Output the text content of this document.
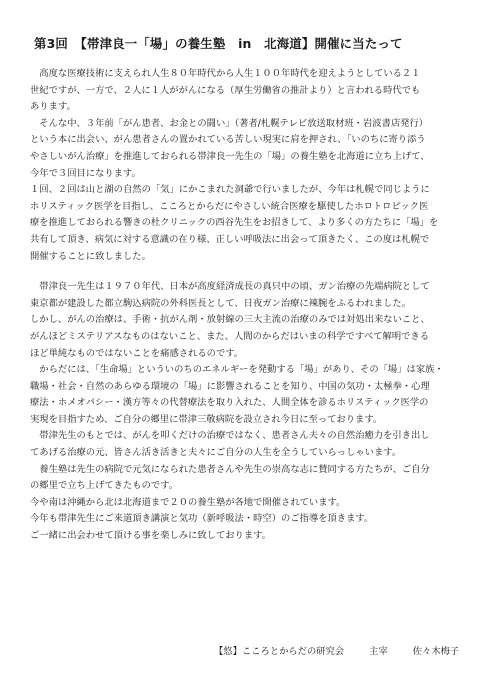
第3回　【帯津良一「場」の養生塾　in　北海道】開催に当たって
　高度な医療技術に支えられ人生８０年時代から人生１００年時代を迎えようとしている２１
世紀ですが、一方で、２人に１人ががんになる（厚生労働省の推計より）と言われる時代でも
あります。
　そんな中、３年前「がん患者、お金との闘い」（著者/札幌テレビ放送取材班・岩波書店発行）
という本に出会い、がん患者さんの置かれている苦しい現実に肩を押され、「いのちに寄り添う
やさしいがん治療」を推進しておられる帯津良一先生の「場」の養生塾を北海道に立ち上げて、
今年で３回目になります。
１回、２回は山と湖の自然の「気」にかこまれた洞爺で行いましたが、今年は札幌で同じように
ホリスティック医学を目指し、こころとからだにやさしい統合医療を駆使したホロトロピック医
療を推進しておられる響きの杜クリニックの西谷先生をお招きして、より多くの方たちに「場」を
共有して頂き、病気に対する意識の在り様、正しい呼吸法に出会って頂きたく、この度は札幌で
開催することに致しました。
　帯津良一先生は１９７０年代、日本が高度経済成長の真只中の頃、ガン治療の先端病院として
東京都が建設した都立駒込病院の外科医長として、日夜ガン治療に辣腕をふるわれました。
しかし、がんの治療は、手術・抗がん剤・放射線の三大主流の治療のみでは対処出来ないこと、
がんほどミステリアスなものはないこと、また、人間のからだはいまの科学ですべて解明できる
ほど単純なものではないことを痛感されるのです。
　からだには、「生命場」といういのちのエネルギーを発動する「場」があり、その「場」は家族・
職場・社会・自然のあらゆる環境の「場」に影響されることを知り、中国の気功・太極拳・心理
療法・ホメオパシー・漢方等々の代替療法を取り入れた、人間全体を診るホリスティック医学の
実現を目指すため、ご自分の郷里に帯津三敬病院を設立され今日に至っております。
　帯津先生のもとでは、がんを叩くだけの治療ではなく、患者さん夫々の自然治癒力を引き出し
てあげる治療の元、皆さん活き活きと夫々にご自分の人生を全うしていらっしゃいます。
　養生塾は先生の病院で元気になられた患者さんや先生の崇高な志に賛同する方たちが、ご自分
の郷里で立ち上げてきたものです。
今や南は沖縄から北は北海道まで２０の養生塾が各地で開催されています。
今年も帯津先生にご来道頂き講演と気功（新呼吸法・時空）のご指導を頂きます。
ご一緒に出会わせて頂ける事を楽しみに致しております。
【悠】こころとからだの研究会	主宰	佐々木梅子
